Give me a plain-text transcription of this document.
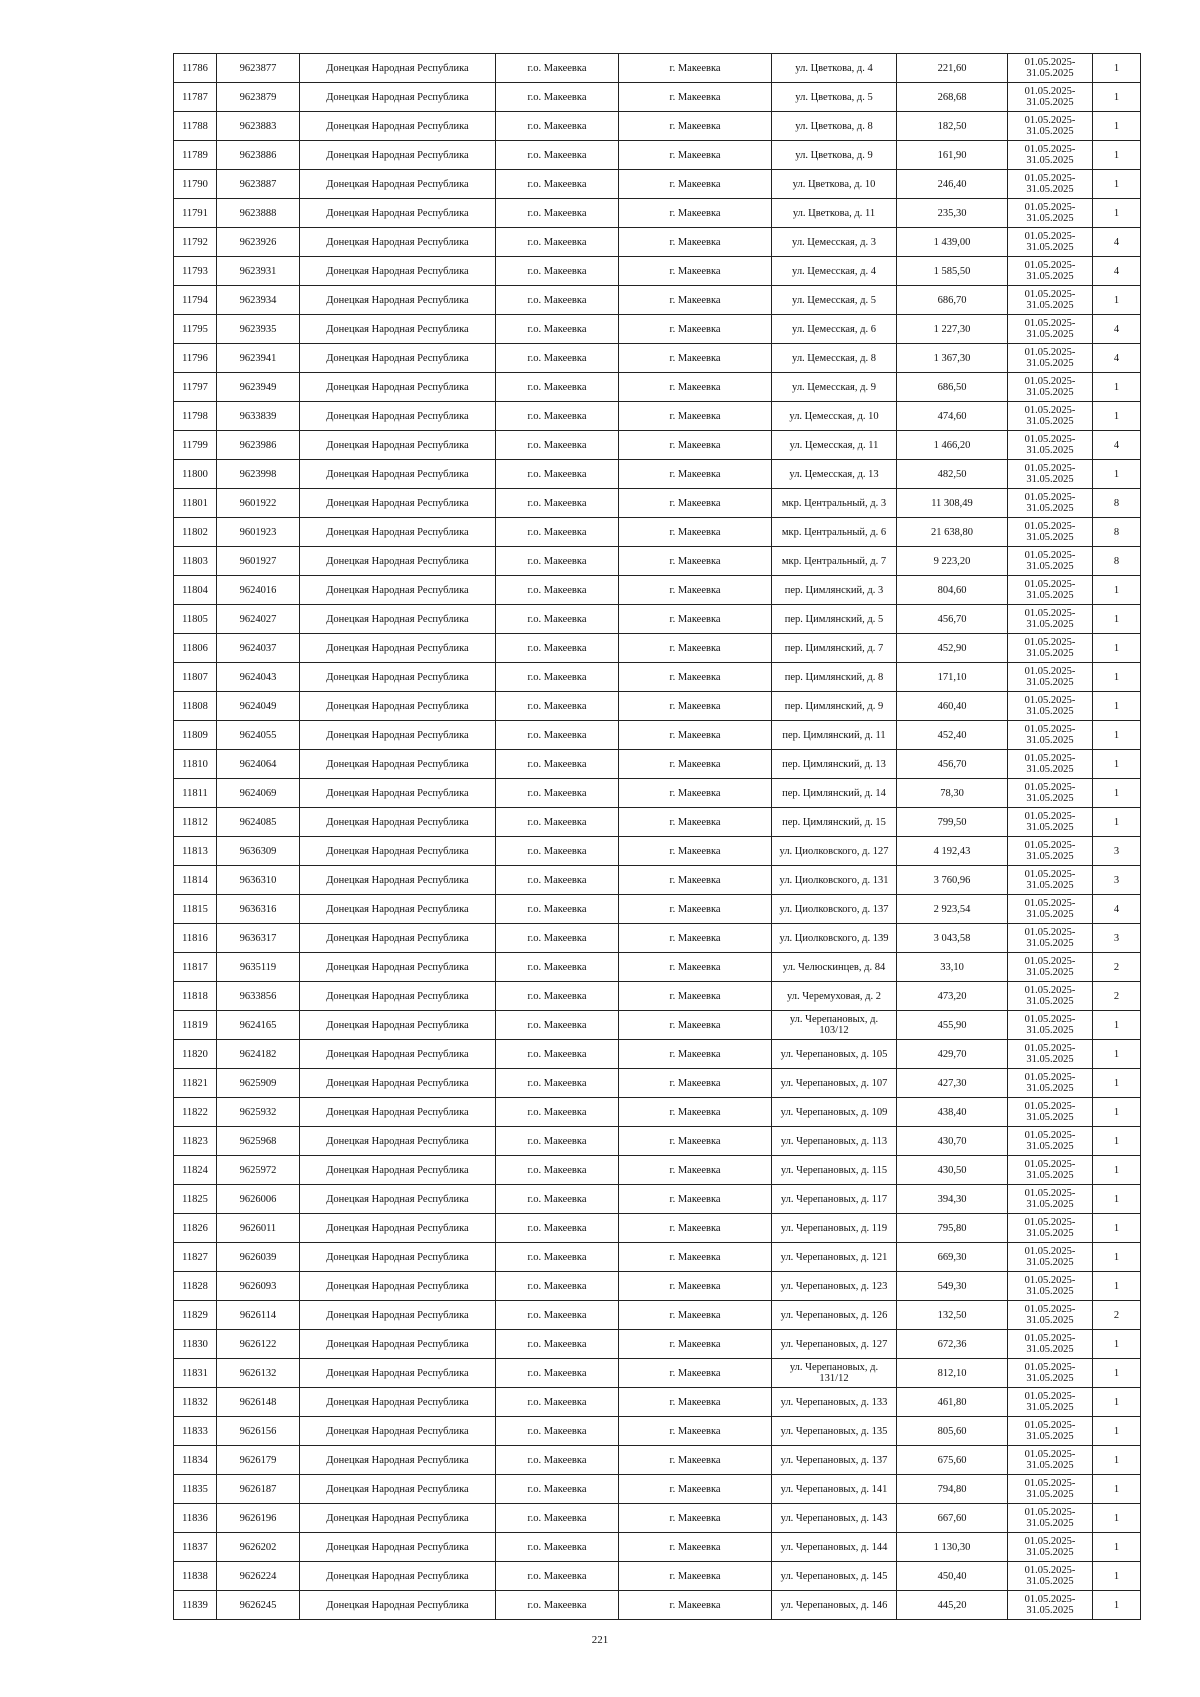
11786	9623877	Донецкая Народная Республика	г.о. Макеевка	г. Макеевка	ул. Цветкова, д. 4	221,60	01.05.2025-
31.05.2025	1
11787	9623879	Донецкая Народная Республика	г.о. Макеевка	г. Макеевка	ул. Цветкова, д. 5	268,68	01.05.2025-
31.05.2025	1
11788	9623883	Донецкая Народная Республика	г.о. Макеевка	г. Макеевка	ул. Цветкова, д. 8	182,50	01.05.2025-
31.05.2025	1
11789	9623886	Донецкая Народная Республика	г.о. Макеевка	г. Макеевка	ул. Цветкова, д. 9	161,90	01.05.2025-
31.05.2025	1
11790	9623887	Донецкая Народная Республика	г.о. Макеевка	г. Макеевка	ул. Цветкова, д. 10	246,40	01.05.2025-
31.05.2025	1
11791	9623888	Донецкая Народная Республика	г.о. Макеевка	г. Макеевка	ул. Цветкова, д. 11	235,30	01.05.2025-
31.05.2025	1
11792	9623926	Донецкая Народная Республика	г.о. Макеевка	г. Макеевка	ул. Цемесская, д. 3	1 439,00	01.05.2025-
31.05.2025	4
11793	9623931	Донецкая Народная Республика	г.о. Макеевка	г. Макеевка	ул. Цемесская, д. 4	1 585,50	01.05.2025-
31.05.2025	4
11794	9623934	Донецкая Народная Республика	г.о. Макеевка	г. Макеевка	ул. Цемесская, д. 5	686,70	01.05.2025-
31.05.2025	1
11795	9623935	Донецкая Народная Республика	г.о. Макеевка	г. Макеевка	ул. Цемесская, д. 6	1 227,30	01.05.2025-
31.05.2025	4
11796	9623941	Донецкая Народная Республика	г.о. Макеевка	г. Макеевка	ул. Цемесская, д. 8	1 367,30	01.05.2025-
31.05.2025	4
11797	9623949	Донецкая Народная Республика	г.о. Макеевка	г. Макеевка	ул. Цемесская, д. 9	686,50	01.05.2025-
31.05.2025	1
11798	9633839	Донецкая Народная Республика	г.о. Макеевка	г. Макеевка	ул. Цемесская, д. 10	474,60	01.05.2025-
31.05.2025	1
11799	9623986	Донецкая Народная Республика	г.о. Макеевка	г. Макеевка	ул. Цемесская, д. 11	1 466,20	01.05.2025-
31.05.2025	4
11800	9623998	Донецкая Народная Республика	г.о. Макеевка	г. Макеевка	ул. Цемесская, д. 13	482,50	01.05.2025-
31.05.2025	1
11801	9601922	Донецкая Народная Республика	г.о. Макеевка	г. Макеевка	мкр. Центральный, д. 3	11 308,49	01.05.2025-
31.05.2025	8
11802	9601923	Донецкая Народная Республика	г.о. Макеевка	г. Макеевка	мкр. Центральный, д. 6	21 638,80	01.05.2025-
31.05.2025	8
11803	9601927	Донецкая Народная Республика	г.о. Макеевка	г. Макеевка	мкр. Центральный, д. 7	9 223,20	01.05.2025-
31.05.2025	8
11804	9624016	Донецкая Народная Республика	г.о. Макеевка	г. Макеевка	пер. Цимлянский, д. 3	804,60	01.05.2025-
31.05.2025	1
11805	9624027	Донецкая Народная Республика	г.о. Макеевка	г. Макеевка	пер. Цимлянский, д. 5	456,70	01.05.2025-
31.05.2025	1
11806	9624037	Донецкая Народная Республика	г.о. Макеевка	г. Макеевка	пер. Цимлянский, д. 7	452,90	01.05.2025-
31.05.2025	1
11807	9624043	Донецкая Народная Республика	г.о. Макеевка	г. Макеевка	пер. Цимлянский, д. 8	171,10	01.05.2025-
31.05.2025	1
11808	9624049	Донецкая Народная Республика	г.о. Макеевка	г. Макеевка	пер. Цимлянский, д. 9	460,40	01.05.2025-
31.05.2025	1
11809	9624055	Донецкая Народная Республика	г.о. Макеевка	г. Макеевка	пер. Цимлянский, д. 11	452,40	01.05.2025-
31.05.2025	1
11810	9624064	Донецкая Народная Республика	г.о. Макеевка	г. Макеевка	пер. Цимлянский, д. 13	456,70	01.05.2025-
31.05.2025	1
11811	9624069	Донецкая Народная Республика	г.о. Макеевка	г. Макеевка	пер. Цимлянский, д. 14	78,30	01.05.2025-
31.05.2025	1
11812	9624085	Донецкая Народная Республика	г.о. Макеевка	г. Макеевка	пер. Цимлянский, д. 15	799,50	01.05.2025-
31.05.2025	1
11813	9636309	Донецкая Народная Республика	г.о. Макеевка	г. Макеевка	ул. Циолковского, д. 127	4 192,43	01.05.2025-
31.05.2025	3
11814	9636310	Донецкая Народная Республика	г.о. Макеевка	г. Макеевка	ул. Циолковского, д. 131	3 760,96	01.05.2025-
31.05.2025	3
11815	9636316	Донецкая Народная Республика	г.о. Макеевка	г. Макеевка	ул. Циолковского, д. 137	2 923,54	01.05.2025-
31.05.2025	4
11816	9636317	Донецкая Народная Республика	г.о. Макеевка	г. Макеевка	ул. Циолковского, д. 139	3 043,58	01.05.2025-
31.05.2025	3
11817	9635119	Донецкая Народная Республика	г.о. Макеевка	г. Макеевка	ул. Челюскинцев, д. 84	33,10	01.05.2025-
31.05.2025	2
11818	9633856	Донецкая Народная Республика	г.о. Макеевка	г. Макеевка	ул. Черемуховая, д. 2	473,20	01.05.2025-
31.05.2025	2
11819	9624165	Донецкая Народная Республика	г.о. Макеевка	г. Макеевка	ул. Черепановых, д. 103/12	455,90	01.05.2025-
31.05.2025	1
11820	9624182	Донецкая Народная Республика	г.о. Макеевка	г. Макеевка	ул. Черепановых, д. 105	429,70	01.05.2025-
31.05.2025	1
11821	9625909	Донецкая Народная Республика	г.о. Макеевка	г. Макеевка	ул. Черепановых, д. 107	427,30	01.05.2025-
31.05.2025	1
11822	9625932	Донецкая Народная Республика	г.о. Макеевка	г. Макеевка	ул. Черепановых, д. 109	438,40	01.05.2025-
31.05.2025	1
11823	9625968	Донецкая Народная Республика	г.о. Макеевка	г. Макеевка	ул. Черепановых, д. 113	430,70	01.05.2025-
31.05.2025	1
11824	9625972	Донецкая Народная Республика	г.о. Макеевка	г. Макеевка	ул. Черепановых, д. 115	430,50	01.05.2025-
31.05.2025	1
11825	9626006	Донецкая Народная Республика	г.о. Макеевка	г. Макеевка	ул. Черепановых, д. 117	394,30	01.05.2025-
31.05.2025	1
11826	9626011	Донецкая Народная Республика	г.о. Макеевка	г. Макеевка	ул. Черепановых, д. 119	795,80	01.05.2025-
31.05.2025	1
11827	9626039	Донецкая Народная Республика	г.о. Макеевка	г. Макеевка	ул. Черепановых, д. 121	669,30	01.05.2025-
31.05.2025	1
11828	9626093	Донецкая Народная Республика	г.о. Макеевка	г. Макеевка	ул. Черепановых, д. 123	549,30	01.05.2025-
31.05.2025	1
11829	9626114	Донецкая Народная Республика	г.о. Макеевка	г. Макеевка	ул. Черепановых, д. 126	132,50	01.05.2025-
31.05.2025	2
11830	9626122	Донецкая Народная Республика	г.о. Макеевка	г. Макеевка	ул. Черепановых, д. 127	672,36	01.05.2025-
31.05.2025	1
11831	9626132	Донецкая Народная Республика	г.о. Макеевка	г. Макеевка	ул. Черепановых, д. 131/12	812,10	01.05.2025-
31.05.2025	1
11832	9626148	Донецкая Народная Республика	г.о. Макеевка	г. Макеевка	ул. Черепановых, д. 133	461,80	01.05.2025-
31.05.2025	1
11833	9626156	Донецкая Народная Республика	г.о. Макеевка	г. Макеевка	ул. Черепановых, д. 135	805,60	01.05.2025-
31.05.2025	1
11834	9626179	Донецкая Народная Республика	г.о. Макеевка	г. Макеевка	ул. Черепановых, д. 137	675,60	01.05.2025-
31.05.2025	1
11835	9626187	Донецкая Народная Республика	г.о. Макеевка	г. Макеевка	ул. Черепановых, д. 141	794,80	01.05.2025-
31.05.2025	1
11836	9626196	Донецкая Народная Республика	г.о. Макеевка	г. Макеевка	ул. Черепановых, д. 143	667,60	01.05.2025-
31.05.2025	1
11837	9626202	Донецкая Народная Республика	г.о. Макеевка	г. Макеевка	ул. Черепановых, д. 144	1 130,30	01.05.2025-
31.05.2025	1
11838	9626224	Донецкая Народная Республика	г.о. Макеевка	г. Макеевка	ул. Черепановых, д. 145	450,40	01.05.2025-
31.05.2025	1
11839	9626245	Донецкая Народная Республика	г.о. Макеевка	г. Макеевка	ул. Черепановых, д. 146	445,20	01.05.2025-
31.05.2025	1
221
